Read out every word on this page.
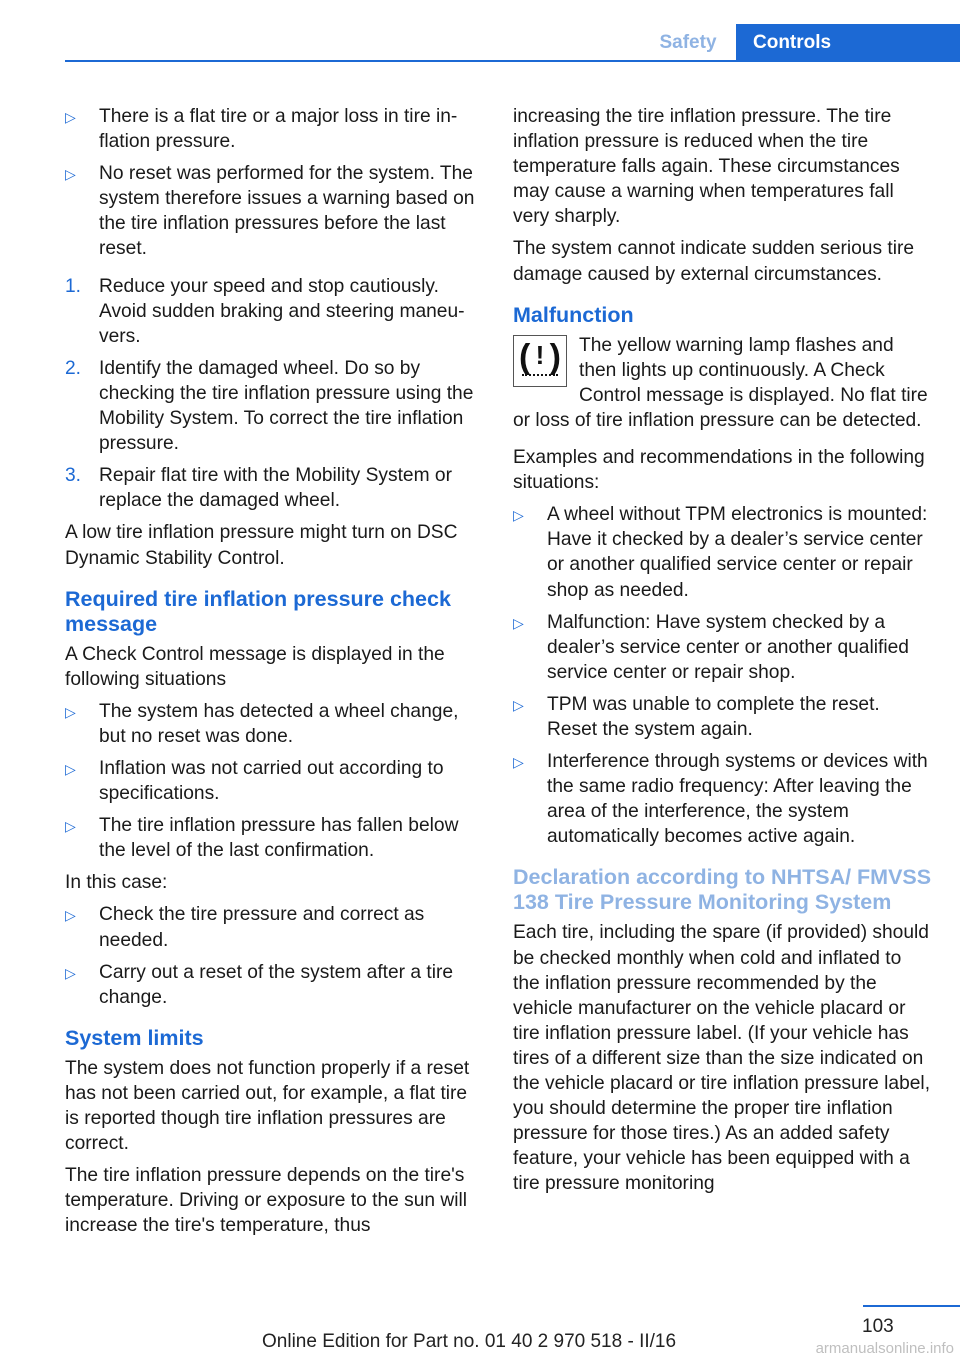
Safety	Controls
▷ There is a flat tire or a major loss in tire inflation pressure.
▷ No reset was performed for the system. The system therefore issues a warning based on the tire inflation pressures before the last reset.
1. Reduce your speed and stop cautiously. Avoid sudden braking and steering maneuvers.
2. Identify the damaged wheel. Do so by checking the tire inflation pressure using the Mobility System. To correct the tire inflation pressure.
3. Repair flat tire with the Mobility System or replace the damaged wheel.

A low tire inflation pressure might turn on DSC Dynamic Stability Control.

Required tire inflation pressure check message

A Check Control message is displayed in the following situations

▷ The system has detected a wheel change, but no reset was done.
▷ Inflation was not carried out according to specifications.
▷ The tire inflation pressure has fallen below the level of the last confirmation.

In this case:

▷ Check the tire pressure and correct as needed.
▷ Carry out a reset of the system after a tire change.
System limits

The system does not function properly if a reset has not been carried out, for example, a flat tire is reported though tire inflation pressures are correct.

The tire inflation pressure depends on the tire's temperature. Driving or exposure to the sun will increase the tire's temperature, thus

increasing the tire inflation pressure. The tire inflation pressure is reduced when the tire temperature falls again. These circumstances may cause a warning when temperatures fall very sharply.

The system cannot indicate sudden serious tire damage caused by external circumstances.

Malfunction
( ! ) The yellow warning lamp flashes and then lights up continuously. A Check Control message is displayed. No flat tire or loss of tire inflation pressure can be detected.

Examples and recommendations in the following situations:

▷ A wheel without TPM electronics is mounted: Have it checked by a dealer’s service center or another qualified service center or repair shop as needed.
▷ Malfunction: Have system checked by a dealer’s service center or another qualified service center or repair shop.
▷ TPM was unable to complete the reset. Reset the system again.
▷ Interference through systems or devices with the same radio frequency: After leaving the area of the interference, the system automatically becomes active again.
Declaration according to NHTSA/ FMVSS 138 Tire Pressure Monitoring System

Each tire, including the spare (if provided) should be checked monthly when cold and inflated to the inflation pressure recommended by the vehicle manufacturer on the vehicle placard or tire inflation pressure label. (If your vehicle has tires of a different size than the size indicated on the vehicle placard or tire inflation pressure label, you should determine the proper tire inflation pressure for those tires.) As an added safety feature, your vehicle has been equipped with a tire pressure monitoring

103
Online Edition for Part no. 01 40 2 970 518 - II/16	armanualsonline.info
